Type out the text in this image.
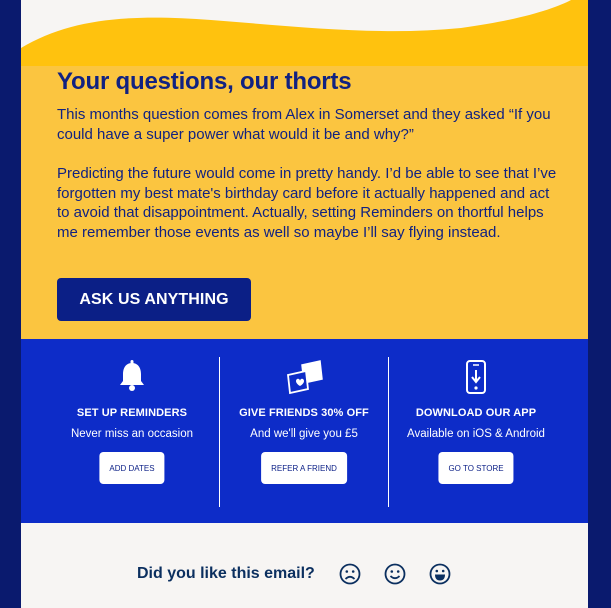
Your questions, our thorts

This months question comes from Alex in Somerset and they asked “If you could have a super power what would it be and why?”

Predicting the future would come in pretty handy. I’d be able to see that I’ve forgotten my best mate's birthday card before it actually happened and act to avoid that disappointment. Actually, setting Reminders on thortful helps me remember those events as well so maybe I’ll say flying instead.

ASK US ANYTHING
SET UP REMINDERS
Never miss an occasion
ADD DATES
GIVE FRIENDS 30% OFF
And we'll give you £5
REFER A FRIEND
DOWNLOAD OUR APP
Available on iOS & Android
GO TO STORE
Did you like this email?
